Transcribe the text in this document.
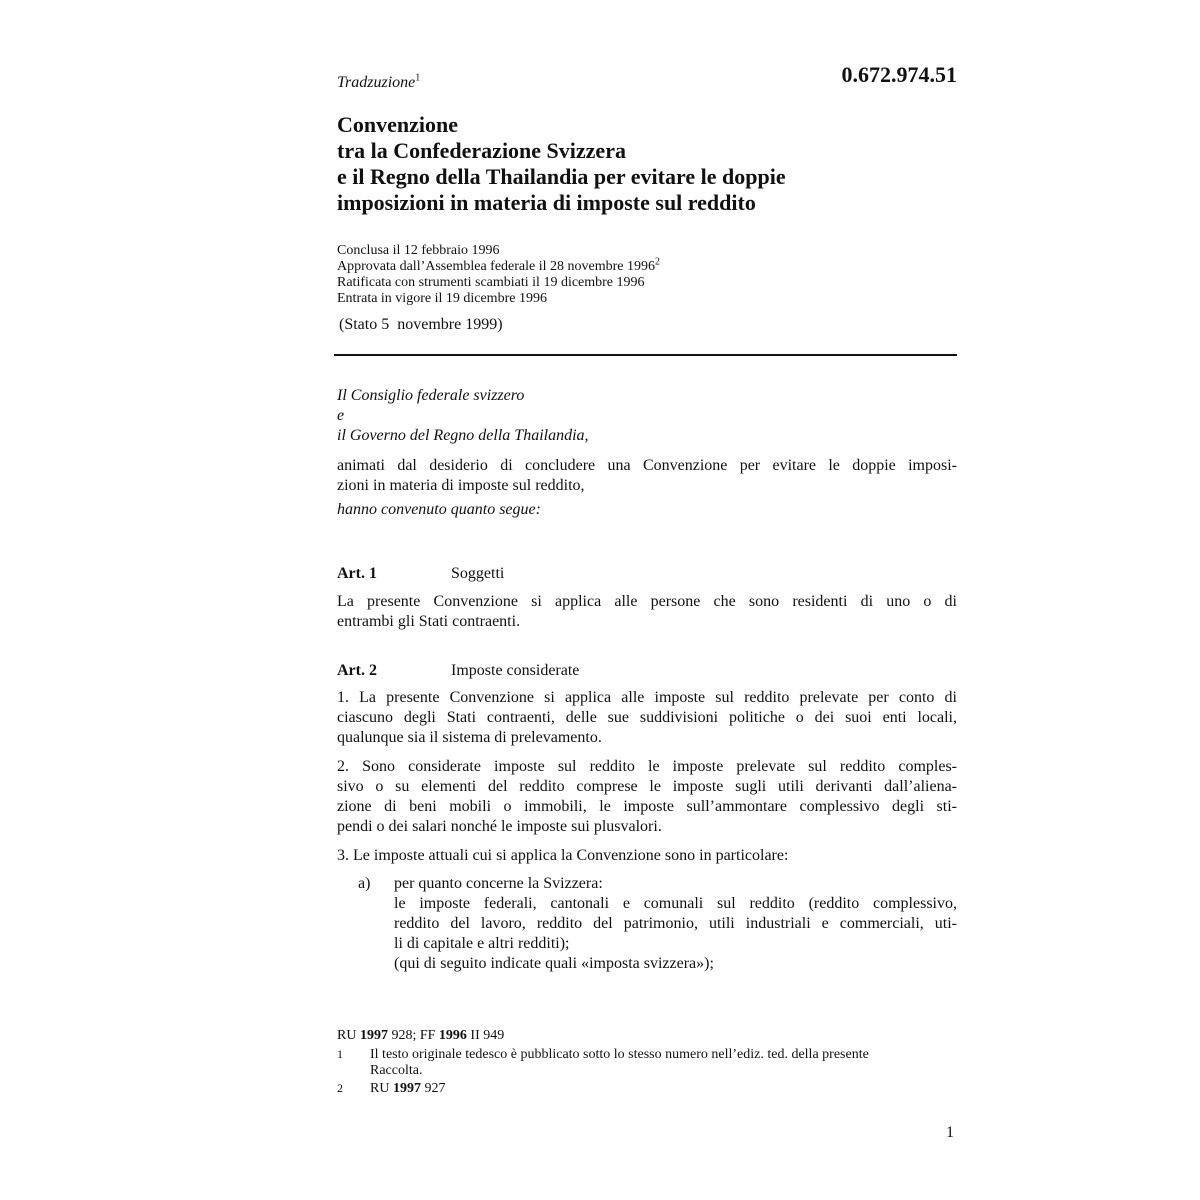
Tradzuzione$^1$	0.672.974.51
Convenzione
tra la Confederazione Svizzera
e il Regno della Thailandia per evitare le doppie
imposizioni in materia di imposte sul reddito
Conclusa il 12 febbraio 1996
Approvata dall’Assemblea federale il 28 novembre 1996$^2$
Ratificata con strumenti scambiati il 19 dicembre 1996
Entrata in vigore il 19 dicembre 1996
(Stato 5  novembre 1999)
Il Consiglio federale svizzero
e
il Governo del Regno della Thailandia,
animati dal desiderio di concludere una Convenzione per evitare le doppie imposi-
zioni in materia di imposte sul reddito,
hanno convenuto quanto segue:
Art. 1	Soggetti
La presente Convenzione si applica alle persone che sono residenti di uno o di
entrambi gli Stati contraenti.
Art. 2	Imposte considerate
1. La presente Convenzione si applica alle imposte sul reddito prelevate per conto di
ciascuno degli Stati contraenti, delle sue suddivisioni politiche o dei suoi enti locali,
qualunque sia il sistema di prelevamento.
2. Sono considerate imposte sul reddito le imposte prelevate sul reddito comples-
sivo o su elementi del reddito comprese le imposte sugli utili derivanti dall’aliena-
zione di beni mobili o immobili, le imposte sull’ammontare complessivo degli sti-
pendi o dei salari nonché le imposte sui plusvalori.
3. Le imposte attuali cui si applica la Convenzione sono in particolare:
a) per quanto concerne la Svizzera:
le imposte federali, cantonali e comunali sul reddito (reddito complessivo,
reddito del lavoro, reddito del patrimonio, utili industriali e commerciali, uti-
li di capitale e altri redditi);
(qui di seguito indicate quali «imposta svizzera»);
RU 1997 928; FF 1996 II 949
1 Il testo originale tedesco è pubblicato sotto lo stesso numero nell’ediz. ted. della presente
Raccolta.
2 RU 1997 927
1
